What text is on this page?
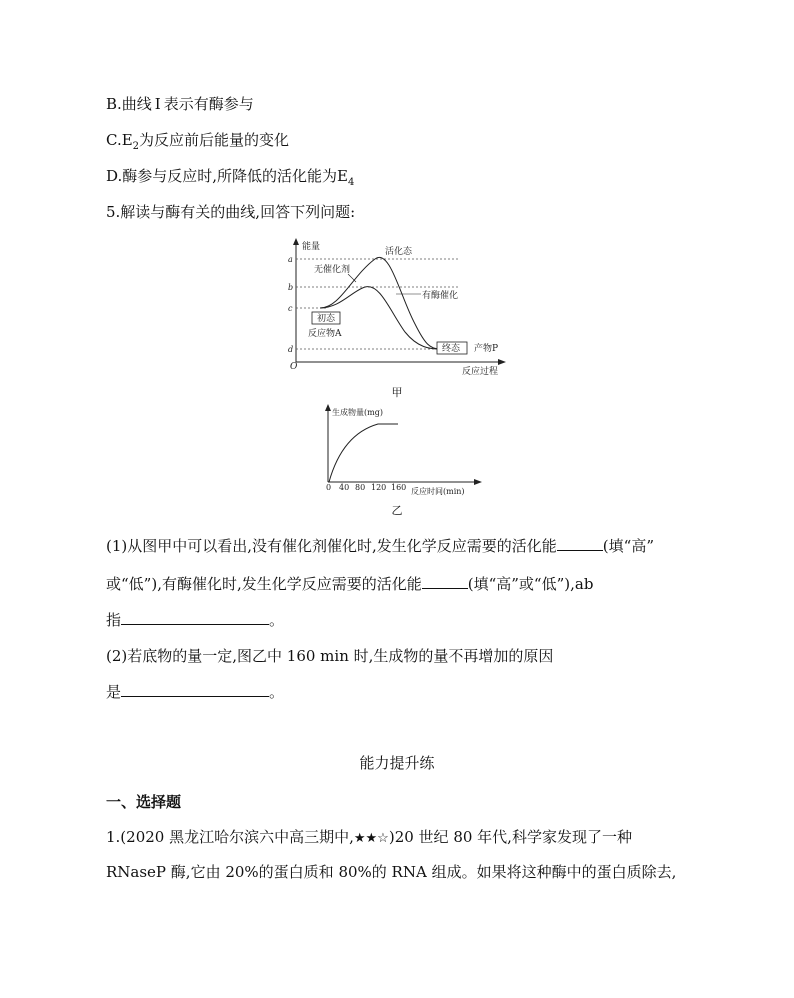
B.曲线 Ⅰ 表示有酶参与
$C.E_2$为反应前后能量的变化
D.酶参与反应时,所降低的活化能为$E_4$
5.解读与酶有关的曲线,回答下列问题:
能量
反应过程
O
a
b
c
d
活化态
无催化剂
有酶催化
初态
反应物A
终态 产物P
甲
生成物量(mg)
0 40 80 120 160 反应时间(min)
乙
(1)从图甲中可以看出,没有催化剂催化时,发生化学反应需要的活化能	(填“高”
或“低”),有酶催化时,发生化学反应需要的活化能	(填“高”或“低”),ab
指	。
(2)若底物的量一定,图乙中 160 min 时,生成物的量不再增加的原因
是	。
能力提升练
一、选择题
1.(2020 黑龙江哈尔滨六中高三期中,★★☆)20 世纪 80 年代,科学家发现了一种
RNaseP 酶,它由 20%的蛋白质和 80%的 RNA 组成。如果将这种酶中的蛋白质除去,
